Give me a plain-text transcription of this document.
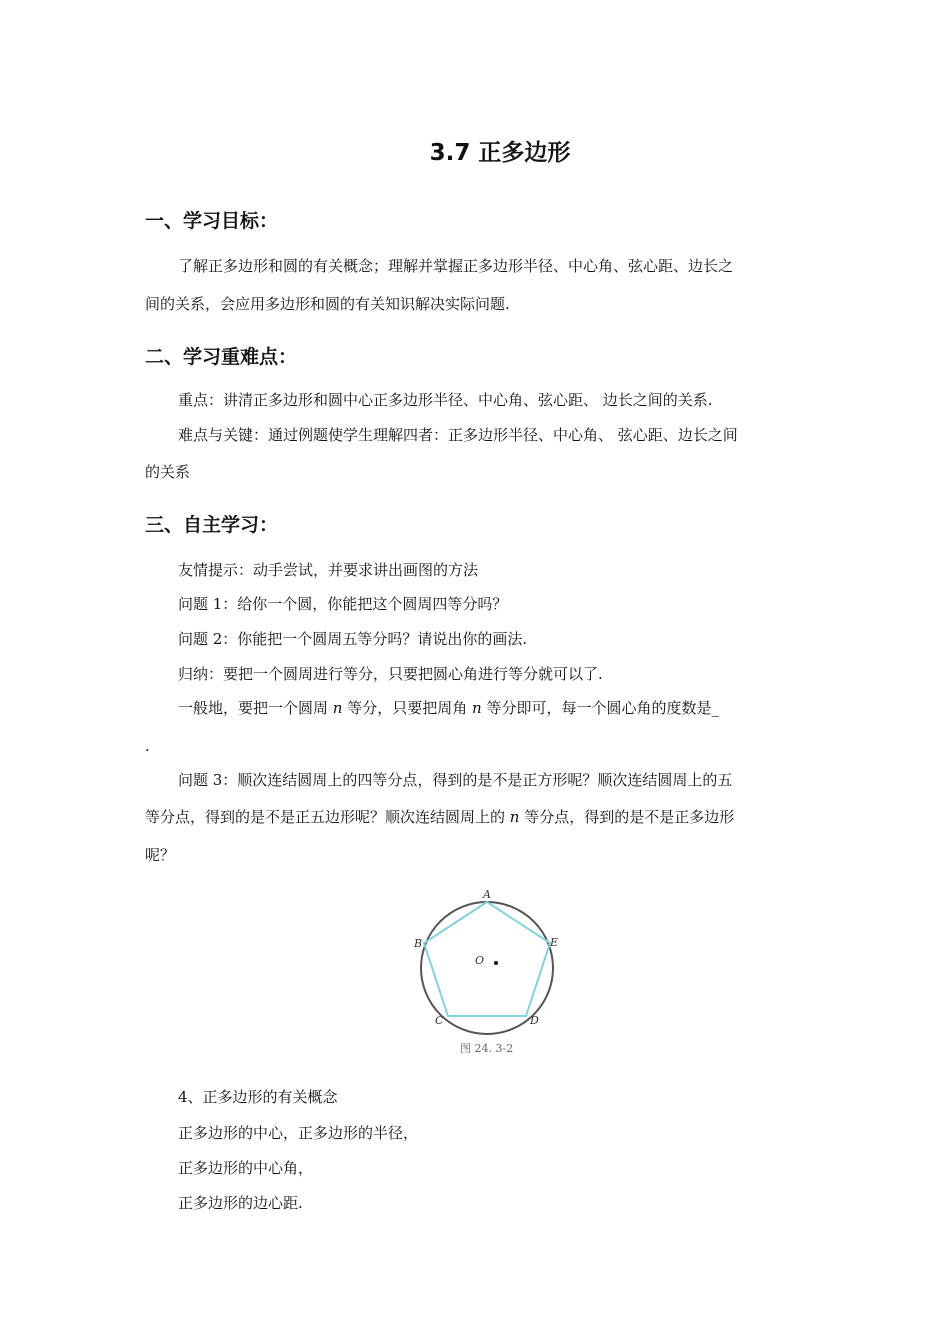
3.7 正多边形
一、学习目标：
了解正多边形和圆的有关概念；理解并掌握正多边形半径、中心角、弦心距、边长之
间的关系，会应用多边形和圆的有关知识解决实际问题.
二、学习重难点：
重点：讲清正多边形和圆中心正多边形半径、中心角、弦心距、 边长之间的关系.
难点与关键：通过例题使学生理解四者：正多边形半径、中心角、 弦心距、边长之间
的关系
三、自主学习：
友情提示：动手尝试，并要求讲出画图的方法
问题 1：给你一个圆，你能把这个圆周四等分吗？
问题 2：你能把一个圆周五等分吗？请说出你的画法.
归纳：要把一个圆周进行等分，只要把圆心角进行等分就可以了.
一般地，要把一个圆周 n 等分，只要把周角 n 等分即可，每一个圆心角的度数是_
.
问题 3：顺次连结圆周上的四等分点，得到的是不是正方形呢？顺次连结圆周上的五
等分点，得到的是不是正五边形呢？顺次连结圆周上的 n 等分点，得到的是不是正多边形
呢？
A
B	E
O
C	D
图 24. 3-2
4、正多边形的有关概念
正多边形的中心，正多边形的半径，
正多边形的中心角，
正多边形的边心距.
